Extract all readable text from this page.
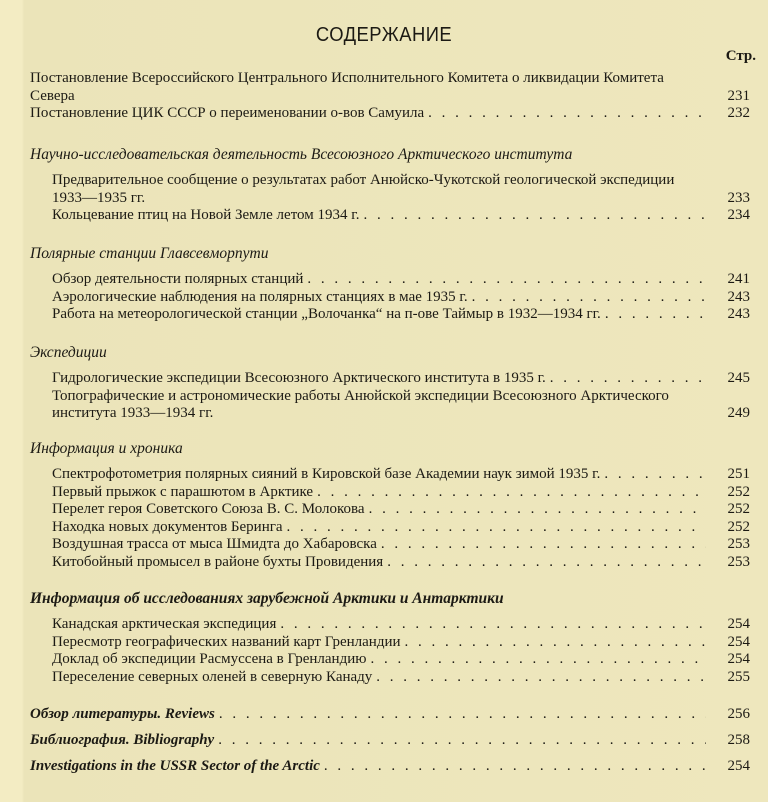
СОДЕРЖАНИЕ
Стр.
Постановление Всероссийского Центрального Исполнительного Комитета о ликвидации Комитета Севера	231
Постановление ЦИК СССР о переименовании о-вов Самуила . . .	232
Научно-исследовательская деятельность Всесоюзного Арктического института
Предварительное сообщение о результатах работ Анюйско-Чукотской геологической экспедиции 1933—1935 гг.	233
Кольцевание птиц на Новой Земле летом 1934 г. . . .	234
Полярные станции Главсевморпути
Обзор деятельности полярных станций . . .	241
Аэрологические наблюдения на полярных станциях в мае 1935 г. . . .	243
Работа на метеорологической станции „Волочанка“ на п-ове Таймыр в 1932—1934 гг. . . .	243
Экспедиции
Гидрологические экспедиции Всесоюзного Арктического института в 1935 г. . . .	245
Топографические и астрономические работы Анюйской экспедиции Всесоюзного Арктического института 1933—1934 гг.	249
Информация и хроника
Спектрофотометрия полярных сияний в Кировской базе Академии наук зимой 1935 г. . . .	251
Первый прыжок с парашютом в Арктике . . .	252
Перелет героя Советского Союза В. С. Молокова . . .	252
Находка новых документов Беринга . . .	252
Воздушная трасса от мыса Шмидта до Хабаровска . . .	253
Китобойный промысел в районе бухты Провидения . . .	253
Информация об исследованиях зарубежной Арктики и Антарктики
Канадская арктическая экспедиция . . .	254
Пересмотр географических названий карт Гренландии . . .	254
Доклад об экспедиции Расмуссена в Гренландию . . .	254
Переселение северных оленей в северную Канаду . . .	255
Обзор литературы. Reviews . . .	256
Библиография. Bibliography . . .	258
Investigations in the USSR Sector of the Arctic . . .	254
